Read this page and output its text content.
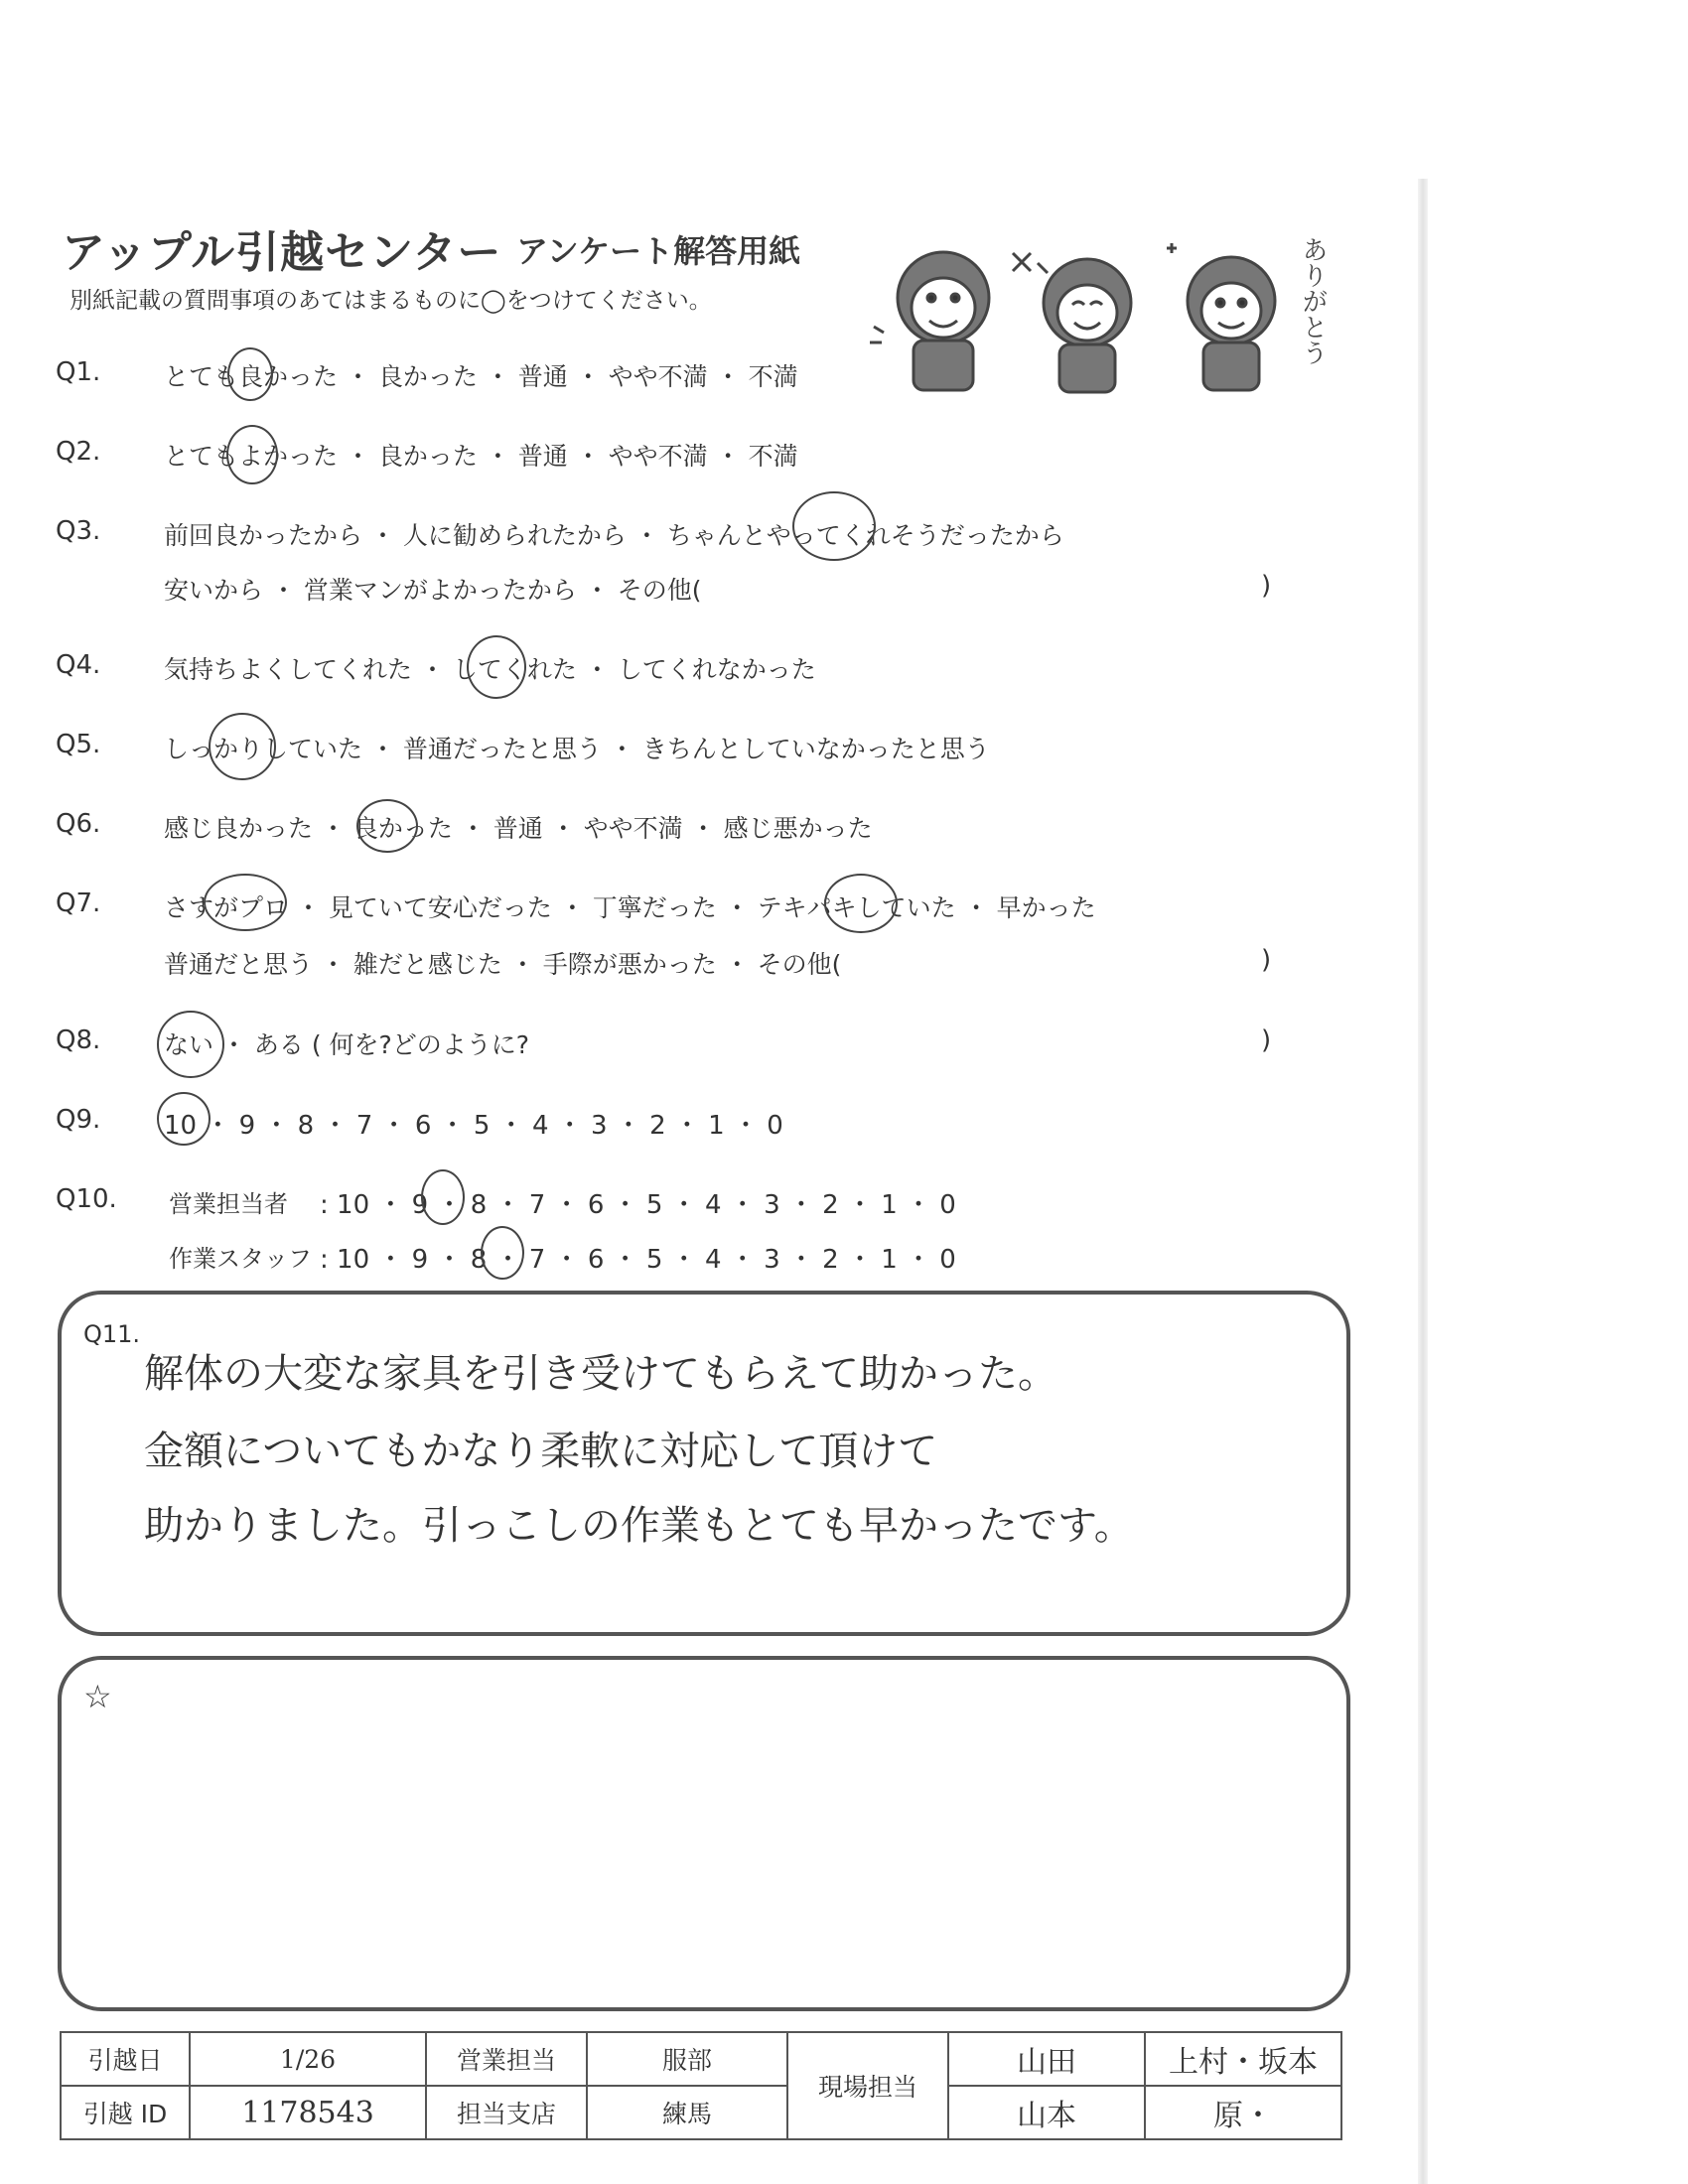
アップル引越センター アンケート解答用紙
別紙記載の質問事項のあてはまるものに◯をつけてください。	ありがとう
Q1.	とても良かった ・ 良かった ・ 普通 ・ やや不満 ・ 不満
Q2.	とてもよかった ・ 良かった ・ 普通 ・ やや不満 ・ 不満
Q3.	前回良かったから ・ 人に勧められたから ・ ちゃんとやってくれそうだったから
安いから ・ 営業マンがよかったから ・ その他(	)
Q4.	気持ちよくしてくれた ・ してくれた ・ してくれなかった
Q5.	しっかりしていた ・ 普通だったと思う ・ きちんとしていなかったと思う
Q6.	感じ良かった ・ 良かった ・ 普通 ・ やや不満 ・ 感じ悪かった
Q7.	さすがプロ ・ 見ていて安心だった ・ 丁寧だった ・ テキパキしていた ・ 早かった
普通だと思う ・ 雑だと感じた ・ 手際が悪かった ・ その他(	)
Q8.	ない ・ ある ( 何を?どのように?	)
Q9. 10 ・ 9 ・ 8 ・ 7 ・ 6 ・ 5 ・ 4 ・ 3 ・ 2 ・ 1 ・ 0
Q10. 営業担当者 : 10 ・ 9 ・ 8 ・ 7 ・ 6 ・ 5 ・ 4 ・ 3 ・ 2 ・ 1 ・ 0
作業スタッフ : 10 ・ 9 ・ 8 ・ 7 ・ 6 ・ 5 ・ 4 ・ 3 ・ 2 ・ 1 ・ 0
Q11.
解体の大変な家具を引き受けてもらえて助かった。
金額についてもかなり柔軟に対応して頂けて
助かりました。引っこしの作業もとても早かったです。
☆
引越日	1/26	営業担当	服部	現場担当	山田	上村・坂本
引越 ID	1178543	担当支店	練馬		山本	原・
